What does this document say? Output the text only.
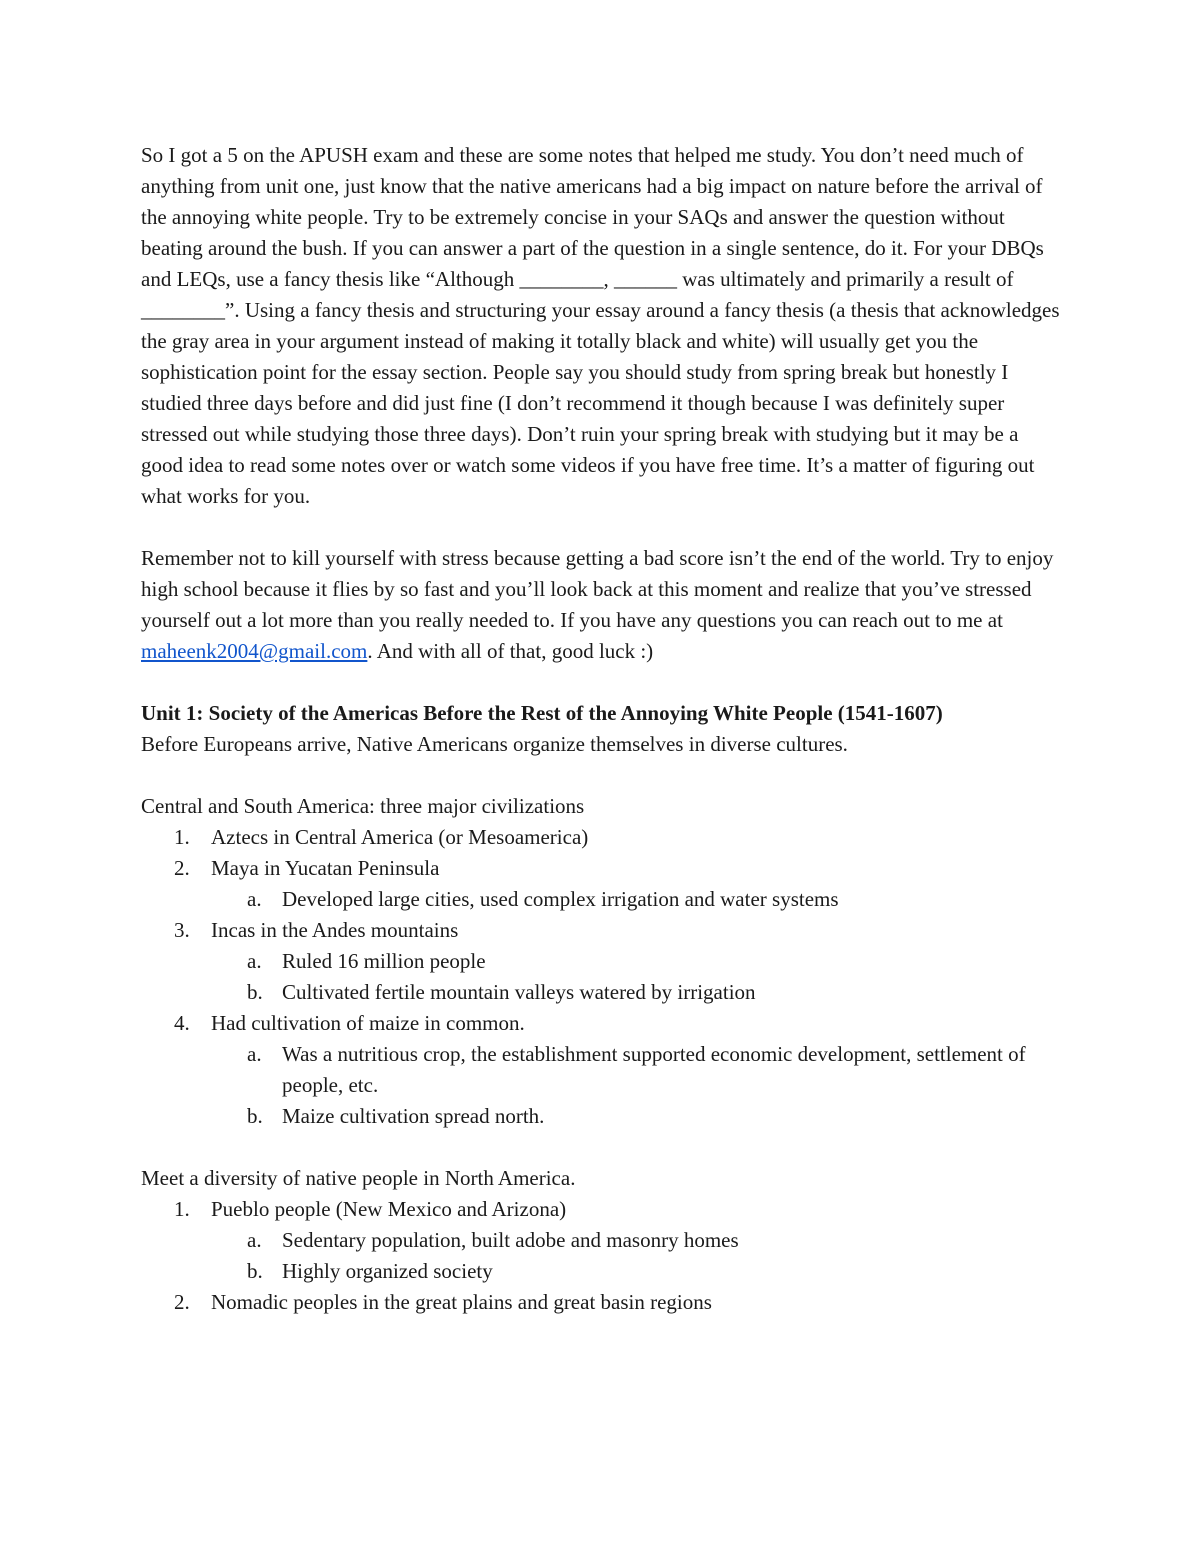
So I got a 5 on the APUSH exam and these are some notes that helped me study. You don’t need much of anything from unit one, just know that the native americans had a big impact on nature before the arrival of the annoying white people. Try to be extremely concise in your SAQs and answer the question without beating around the bush. If you can answer a part of the question in a single sentence, do it. For your DBQs and LEQs, use a fancy thesis like “Although ________, ______ was ultimately and primarily a result of ________”. Using a fancy thesis and structuring your essay around a fancy thesis (a thesis that acknowledges the gray area in your argument instead of making it totally black and white) will usually get you the sophistication point for the essay section. People say you should study from spring break but honestly I studied three days before and did just fine (I don’t recommend it though because I was definitely super stressed out while studying those three days). Don’t ruin your spring break with studying but it may be a good idea to read some notes over or watch some videos if you have free time. It’s a matter of figuring out what works for you.

Remember not to kill yourself with stress because getting a bad score isn’t the end of the world. Try to enjoy high school because it flies by so fast and you’ll look back at this moment and realize that you’ve stressed yourself out a lot more than you really needed to. If you have any questions you can reach out to me at maheenk2004@gmail.com. And with all of that, good luck :)

Unit 1: Society of the Americas Before the Rest of the Annoying White People (1541-1607)

Before Europeans arrive, Native Americans organize themselves in diverse cultures.

Central and South America: three major civilizations

1. Aztecs in Central America (or Mesoamerica)
2. Maya in Yucatan Peninsula
a. Developed large cities, used complex irrigation and water systems
3. Incas in the Andes mountains
a. Ruled 16 million people
b. Cultivated fertile mountain valleys watered by irrigation
4. Had cultivation of maize in common.
a. Was a nutritious crop, the establishment supported economic development, settlement of people, etc.
b. Maize cultivation spread north.

Meet a diversity of native people in North America.

1. Pueblo people (New Mexico and Arizona)
a. Sedentary population, built adobe and masonry homes
b. Highly organized society
2. Nomadic peoples in the great plains and great basin regions
